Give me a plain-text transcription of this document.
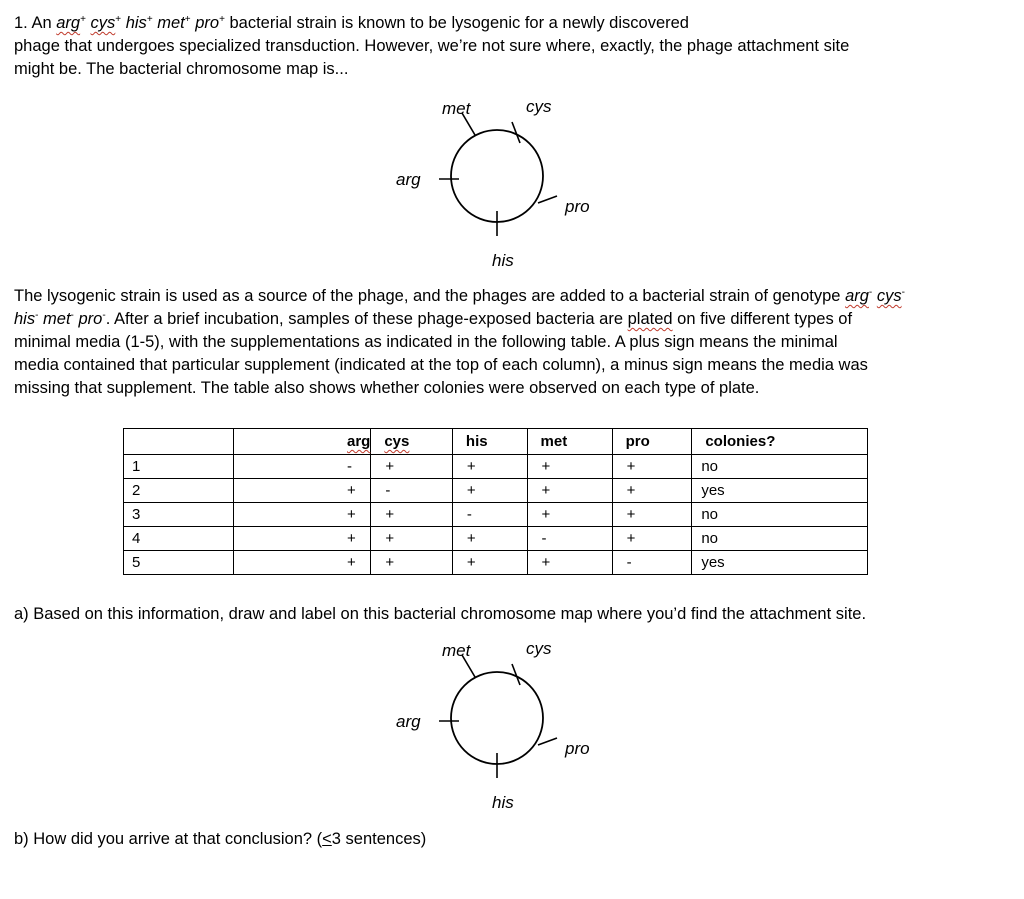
1. An arg+ cys+ his+ met+ pro+ bacterial strain is known to be lysogenic for a newly discovered
phage that undergoes specialized transduction. However, we’re not sure where, exactly, the phage attachment site
might be. The bacterial chromosome map is...
met	cys
arg
pro
his
The lysogenic strain is used as a source of the phage, and the phages are added to a bacterial strain of genotype arg- cys-
his- met- pro-. After a brief incubation, samples of these phage-exposed bacteria are plated on five different types of
minimal media (1-5), with the supplementations as indicated in the following table. A plus sign means the minimal
media contained that particular supplement (indicated at the top of each column), a minus sign means the media was
missing that supplement. The table also shows whether colonies were observed on each type of plate.
	arg	cys	his	met	pro	colonies?
1	-	+	+	+	+	no
2	+	-	+	+	+	yes
3	+	+	-	+	+	no
4	+	+	+	-	+	no
5	+	+	+	+	-	yes
a) Based on this information, draw and label on this bacterial chromosome map where you’d find the attachment site.
met	cys
arg
pro
his
b) How did you arrive at that conclusion? (≤3 sentences)
